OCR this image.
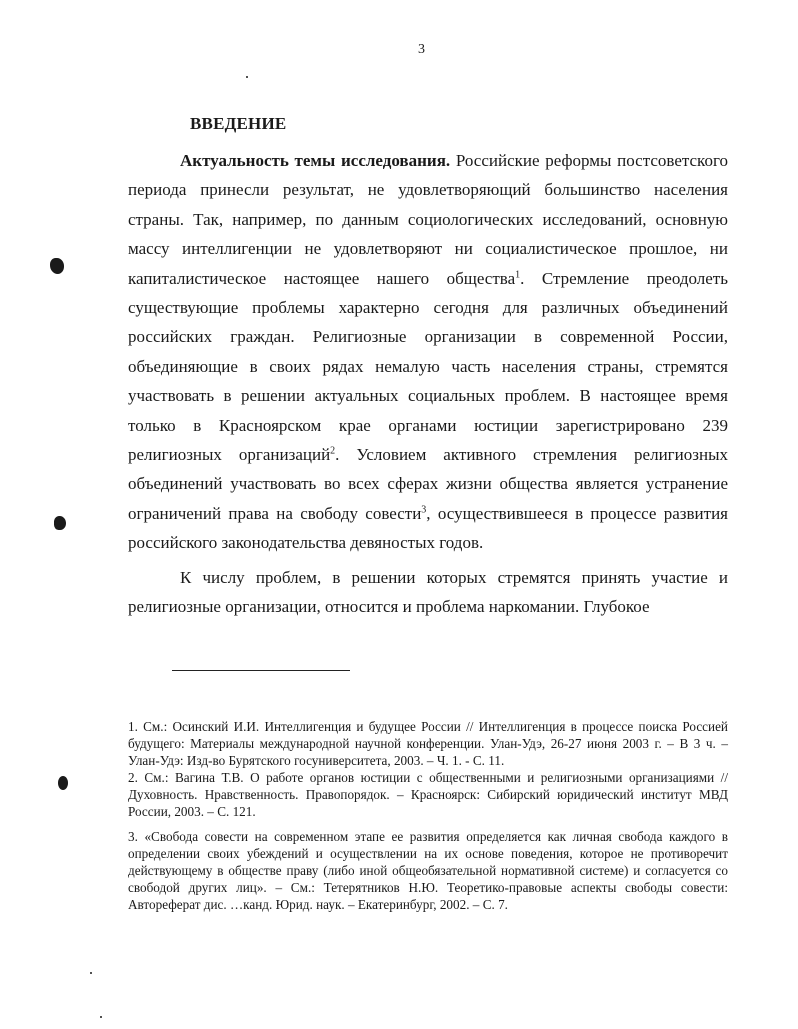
3
ВВЕДЕНИЕ

Актуальность темы исследования. Российские реформы постсоветского периода принесли результат, не удовлетворяющий большинство населения страны. Так, например, по данным социологических исследований, основную массу интеллигенции не удовлетворяют ни социалистическое прошлое, ни капиталистическое настоящее нашего общества$^1$. Стремление преодолеть существующие проблемы характерно сегодня для различных объединений российских граждан. Религиозные организации в современной России, объединяющие в своих рядах немалую часть населения страны, стремятся участвовать в решении актуальных социальных проблем. В настоящее время только в Красноярском крае органами юстиции зарегистрировано 239 религиозных организаций$^2$. Условием активного стремления религиозных объединений участвовать во всех сферах жизни общества является устранение ограничений права на свободу совести$^3$, осуществившееся в процессе развития российского законодательства девяностых годов.

К числу проблем, в решении которых стремятся принять участие и религиозные организации, относится и проблема наркомании. Глубокое

1. См.: Осинский И.И. Интеллигенция и будущее России // Интеллигенция в процессе поиска Россией будущего: Материалы международной научной конференции. Улан-Удэ, 26-27 июня 2003 г. – В 3 ч. – Улан-Удэ: Изд-во Бурятского госуниверситета, 2003. – Ч. 1. - С. 11.

2. См.: Вагина Т.В. О работе органов юстиции с общественными и религиозными организациями // Духовность. Нравственность. Правопорядок. – Красноярск: Сибирский юридический институт МВД России, 2003. – С. 121.

3. «Свобода совести на современном этапе ее развития определяется как личная свобода каждого в определении своих убеждений и осуществлении на их основе поведения, которое не противоречит действующему в обществе праву (либо иной общеобязательной нормативной системе) и согласуется со свободой других лиц». – См.: Тетерятников Н.Ю. Теоретико-правовые аспекты свободы совести: Автореферат дис. …канд. Юрид. наук. – Екатеринбург, 2002. – С. 7.
